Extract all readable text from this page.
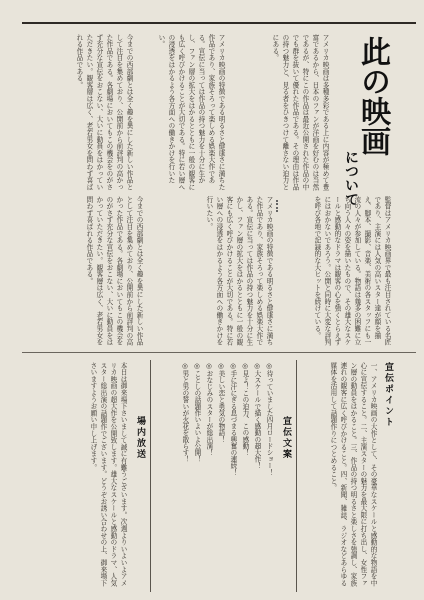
此の映画
について
アメリカ映画は多種多彩である上に内容が極めて豊富であるから、日本のファンが洋画を好むのは当然であるが、特にこの作品は最近公開された作品の中でも群を抜いて優れた作品である。その理由は作品の持つ魅力と、見る者をひきつけて離さない迫力とにある。
アメリカ映画の特徴である明るさと健康さに満ちた作品であり、家族そろって楽しめる娯楽大作である。宣伝に当っては作品の持つ魅力を十分に生かし、ファン層の拡大をはかるとともに一般の観客にも広く呼びかけることが大切である。特に若い層への浸透をはかるよう各方面への働きかけを行いたい。
今までの西部劇とは全く趣を異にした新しい作品として注目を集めており、公開前から前評判の高かった作品である。各劇場においてもこの機会をのがさず充分な宣伝をおこない、大いに動員をはかっていただきたい。観客層は広く、老若男女を問わず喜ばれる作品である。
監督はアメリカ映画界で最も注目されている名匠であり、主演には人気の高いスター達が顔を揃え、脚本、撮影、音楽、美術の各スタッフにも一流の人々が参加している。物語は幾多の困難に立ち向う人々の姿を描いたもので、その雄大なスケールと感動的なドラマは観客の心を強くとらえずにはおかないであろう。公開と同時に大変な評判を呼び各地で記録的な大ヒットを続けている。
アメリカ映画の特徴である明るさと健康さに満ちた作品であり、家族そろって楽しめる娯楽大作である。宣伝に当っては作品の持つ魅力を十分に生かし、ファン層の拡大をはかるとともに一般の観客にも広く呼びかけることが大切である。特に若い層への浸透をはかるよう各方面への働きかけを行いたい。
今までの西部劇とは全く趣を異にした新しい作品として注目を集めており、公開前から前評判の高かった作品である。各劇場においてもこの機会をのがさず充分な宣伝をおこない、大いに動員をはかっていただきたい。観客層は広く、老若男女を問わず喜ばれる作品である。
宣伝ポイント
一、アメリカ映画の大作として、その豪華なスケールと感動的な物語を中心に宣伝すること。二、主演スターの魅力を最大限に打ち出し、女性ファン層の動員をはかること。三、作品の持つ明るさと楽しさを強調し、家族連れの観客に広く呼びかけること。四、新聞、雑誌、ラジオなどあらゆる媒体を活用して話題作りにつとめること。
宣伝文案
◎待っていました四月ロードショー！
◎大スケールで描く感動の超大作！
◎見よ！この迫力、この感動！
◎手に汗にぎる息づまる興奮の連続！
◎美しい恋と勇気の物語！
◎おなじみのスターが総出演！
◎ことしの話題作いよいよ公開！
◎男と男の誓いが火花を散らす！
場内放送
本日は御来場下さいまして誠に有難うございます。次週よりいよいよアメリカ映画の超大作を公開致します。雄大なスケールと感動のドラマ、人気スター総出演の話題作でございます。どうぞお誘い合わせの上、御来場下さいますようお願い申し上げます。
